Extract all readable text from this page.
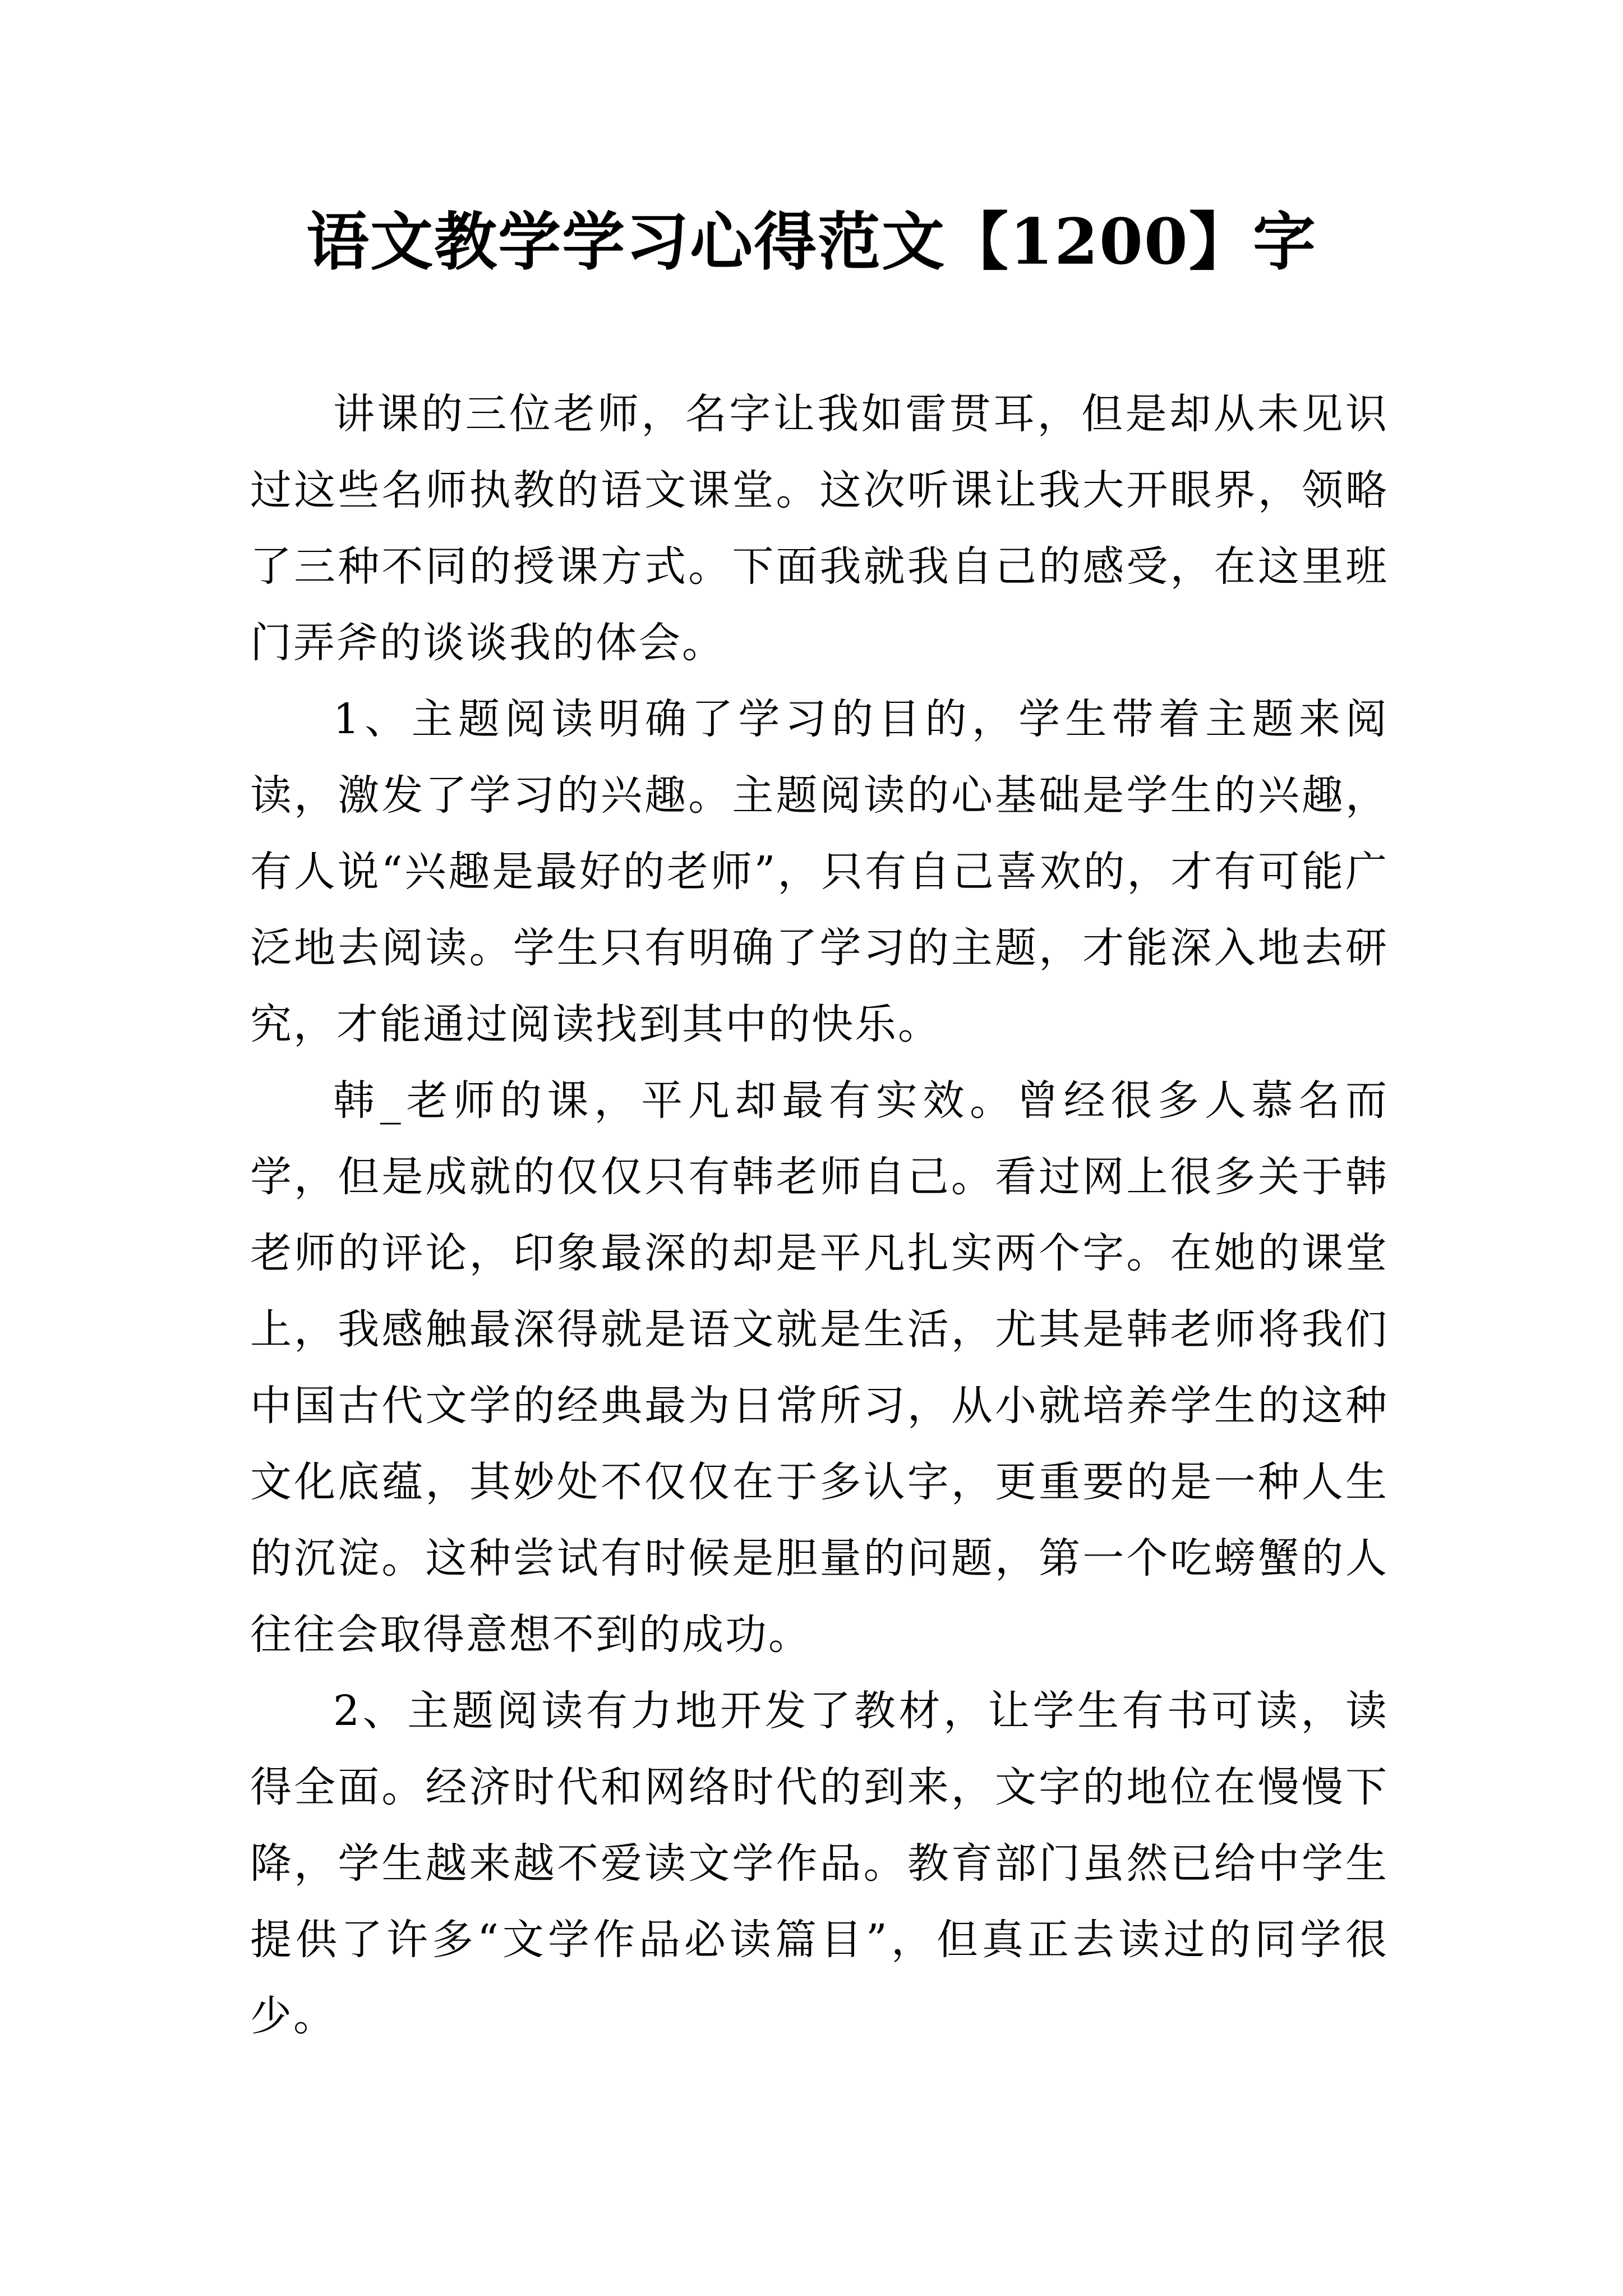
语文教学学习心得范文【1200】字

讲课的三位老师，名字让我如雷贯耳，但是却从未见识过这些名师执教的语文课堂。这次听课让我大开眼界，领略了三种不同的授课方式。下面我就我自己的感受，在这里班门弄斧的谈谈我的体会。

1、主题阅读明确了学习的目的，学生带着主题来阅读，激发了学习的兴趣。主题阅读的心基础是学生的兴趣，有人说“兴趣是最好的老师”，只有自己喜欢的，才有可能广泛地去阅读。学生只有明确了学习的主题，才能深入地去研究，才能通过阅读找到其中的快乐。

韩_老师的课，平凡却最有实效。曾经很多人慕名而学，但是成就的仅仅只有韩老师自己。看过网上很多关于韩老师的评论，印象最深的却是平凡扎实两个字。在她的课堂上，我感触最深得就是语文就是生活，尤其是韩老师将我们中国古代文学的经典最为日常所习，从小就培养学生的这种文化底蕴，其妙处不仅仅在于多认字，更重要的是一种人生的沉淀。这种尝试有时候是胆量的问题，第一个吃螃蟹的人往往会取得意想不到的成功。

2、主题阅读有力地开发了教材，让学生有书可读，读得全面。经济时代和网络时代的到来，文字的地位在慢慢下降，学生越来越不爱读文学作品。教育部门虽然已给中学生提供了许多“文学作品必读篇目”，但真正去读过的同学很少。
